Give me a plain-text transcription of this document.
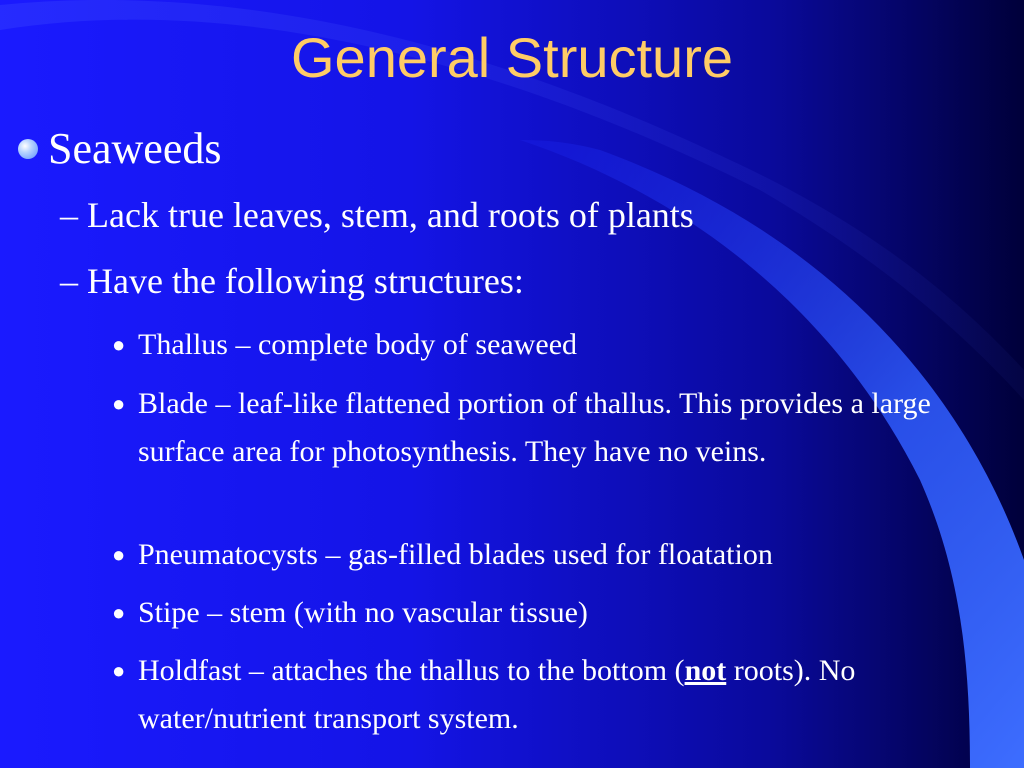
General Structure
Seaweeds
– Lack true leaves, stem, and roots of plants
– Have the following structures:
● Thallus – complete body of seaweed
● Blade – leaf-like flattened portion of thallus. This provides a large surface area for photosynthesis. They have no veins.
● Pneumatocysts – gas-filled blades used for floatation
● Stipe – stem (with no vascular tissue)
● Holdfast – attaches the thallus to the bottom (not roots). No water/nutrient transport system.
